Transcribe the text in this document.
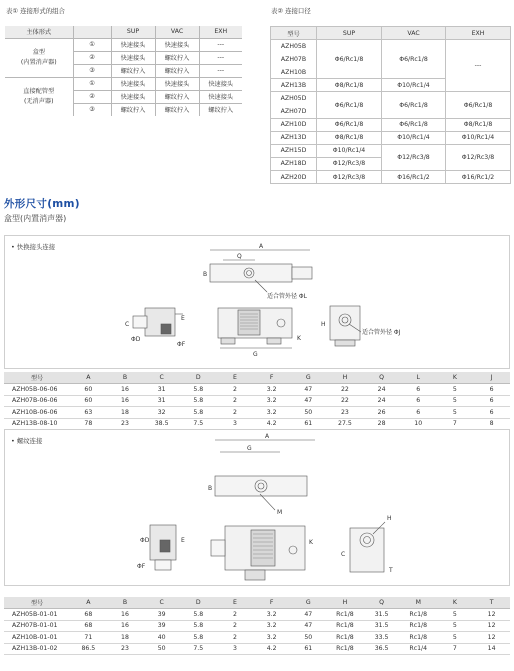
表① 连接形式的组合
主体形式		SUP	VAC	EXH
盒型
(内置消声器)	①	快速接头	快速接头	---
	②	快速接头	螺纹拧入	---
	③	螺纹拧入	螺纹拧入	---
直接配管型
(无消声器)	①	快速接头	快速接头	快速接头
	②	快速接头	螺纹拧入	快速接头
	③	螺纹拧入	螺纹拧入	螺纹拧入
表② 连接口径
型号	SUP	VAC	EXH
AZH05B	Φ6/Rc1/8	Φ6/Rc1/8	---
AZH07B			
AZH10B			
AZH13B	Φ8/Rc1/8	Φ10/Rc1/4	
AZH05D	Φ6/Rc1/8	Φ6/Rc1/8	Φ6/Rc1/8
AZH07D			
AZH10D	Φ6/Rc1/8	Φ6/Rc1/8	Φ8/Rc1/8
AZH13D	Φ8/Rc1/8	Φ10/Rc1/4	Φ10/Rc1/4
AZH15D	Φ10/Rc1/4	Φ12/Rc3/8	Φ12/Rc3/8
AZH18D	Φ12/Rc3/8		
AZH20D	Φ12/Rc3/8	Φ16/Rc1/2	Φ16/Rc1/2
外形尺寸(mm)
盒型(内置消声器)
• 快换接头连接	A
Q
B
适合管外径 ΦL
C
ΦD
E
ΦF
G
K
H
适合管外径 ΦJ
型号	A	B	C	D	E	F	G	H	Q	L	K	J
AZH05B-06-06	60	16	31	5.8	2	3.2	47	22	24	6	5	6
AZH07B-06-06	60	16	31	5.8	2	3.2	47	22	24	6	5	6
AZH10B-06-06	63	18	32	5.8	2	3.2	50	23	26	6	5	6
AZH13B-08-10	78	23	38.5	7.5	3	4.2	61	27.5	28	10	7	8
• 螺纹连接
A
G
B
M
H
ΦD	E
ΦF
K
C
T
型号	A	B	C	D	E	F	G	H	Q	M	K	T
AZH05B-01-01	68	16	39	5.8	2	3.2	47	Rc1/8	31.5	Rc1/8	5	12
AZH07B-01-01	68	16	39	5.8	2	3.2	47	Rc1/8	31.5	Rc1/8	5	12
AZH10B-01-01	71	18	40	5.8	2	3.2	50	Rc1/8	33.5	Rc1/8	5	12
AZH13B-01-02	86.5	23	50	7.5	3	4.2	61	Rc1/8	36.5	Rc1/4	7	14
